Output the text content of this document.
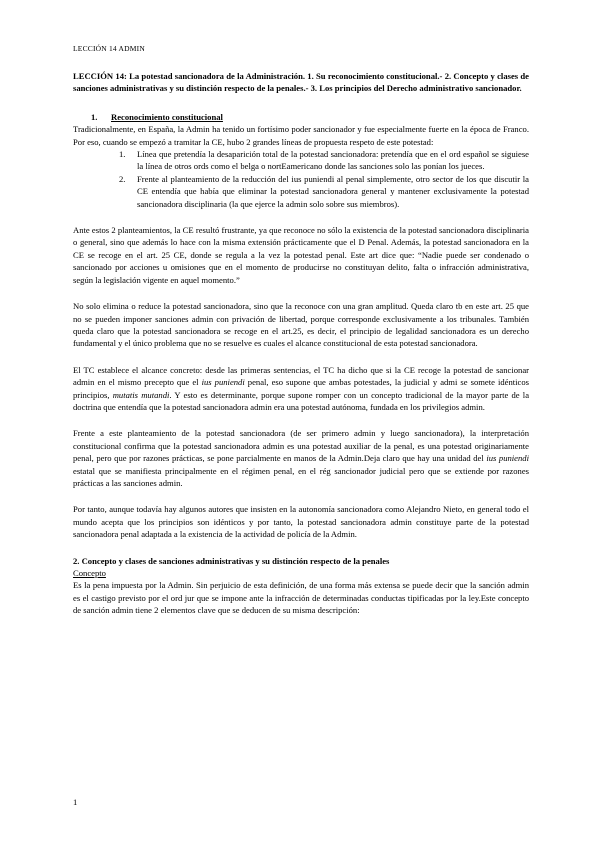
LECCIÓN 14 ADMIN

LECCIÓN 14: La potestad sancionadora de la Administración. 1. Su reconocimiento constitucional.- 2. Concepto y clases de sanciones administrativas y su distinción respecto de la penales.- 3. Los principios del Derecho administrativo sancionador.

1. Reconocimiento constitucional

Tradicionalmente, en España, la Admin ha tenido un fortísimo poder sancionador y fue especialmente fuerte en la época de Franco. Por eso, cuando se empezó a tramitar la CE, hubo 2 grandes líneas de propuesta respeto de este potestad:

1. Línea que pretendía la desaparición total de la potestad sancionadora: pretendía que en el ord español se siguiese la línea de otros ords como el belga o nortEamericano donde las sanciones solo las ponían los jueces.
2. Frente al planteamiento de la reducción del ius puniendi al penal simplemente, otro sector de los que discutir la CE entendía que había que eliminar la potestad sancionadora general y mantener exclusivamente la potestad sancionadora disciplinaria (la que ejerce la admin solo sobre sus miembros).

Ante estos 2 planteamientos, la CE resultó frustrante, ya que reconoce no sólo la existencia de la potestad sancionadora disciplinaria o general, sino que además lo hace con la misma extensión prácticamente que el D Penal. Además, la potestad sancionadora en la CE se recoge en el art. 25 CE, donde se regula a la vez la potestad penal. Este art dice que: “Nadie puede ser condenado o sancionado por acciones u omisiones que en el momento de producirse no constituyan delito, falta o infracción administrativa, según la legislación vigente en aquel momento.”

No solo elimina o reduce la potestad sancionadora, sino que la reconoce con una gran amplitud. Queda claro tb en este art. 25 que no se pueden imponer sanciones admin con privación de libertad, porque corresponde exclusivamente a los tribunales. También queda claro que la potestad sancionadora se recoge en el art.25, es decir, el principio de legalidad sancionadora es un derecho fundamental y el único problema que no se resuelve es cuales el alcance constitucional de esta potestad sancionadora.

El TC establece el alcance concreto: desde las primeras sentencias, el TC ha dicho que si la CE recoge la potestad de sancionar admin en el mismo precepto que el ius puniendi penal, eso supone que ambas potestades, la judicial y admi se somete idénticos principios, mutatis mutandi. Y esto es determinante, porque supone romper con un concepto tradicional de la mayor parte de la doctrina que entendía que la potestad sancionadora admin era una potestad autónoma, fundada en los privilegios admin.

Frente a este planteamiento de la potestad sancionadora (de ser primero admin y luego sancionadora), la interpretación constitucional confirma que la potestad sancionadora admin es una potestad auxiliar de la penal, es una potestad originariamente penal, pero que por razones prácticas, se pone parcialmente en manos de la Admin.Deja claro que hay una unidad del ius puniendi estatal que se manifiesta principalmente en el régimen penal, en el rég sancionador judicial pero que se extiende por razones prácticas a las sanciones admin.

Por tanto, aunque todavía hay algunos autores que insisten en la autonomía sancionadora como Alejandro Nieto, en general todo el mundo acepta que los principios son idénticos y por tanto, la potestad sancionadora admin constituye parte de la potestad sancionadora penal adaptada a la existencia de la actividad de policía de la Admin.

2. Concepto y clases de sanciones administrativas y su distinción respecto de la penales

Concepto

Es la pena impuesta por la Admin. Sin perjuicio de esta definición, de una forma más extensa se puede decir que la sanción admin es el castigo previsto por el ord jur que se impone ante la infracción de determinadas conductas tipificadas por la ley.Este concepto de sanción admin tiene 2 elementos clave que se deducen de su misma descripción:

1
